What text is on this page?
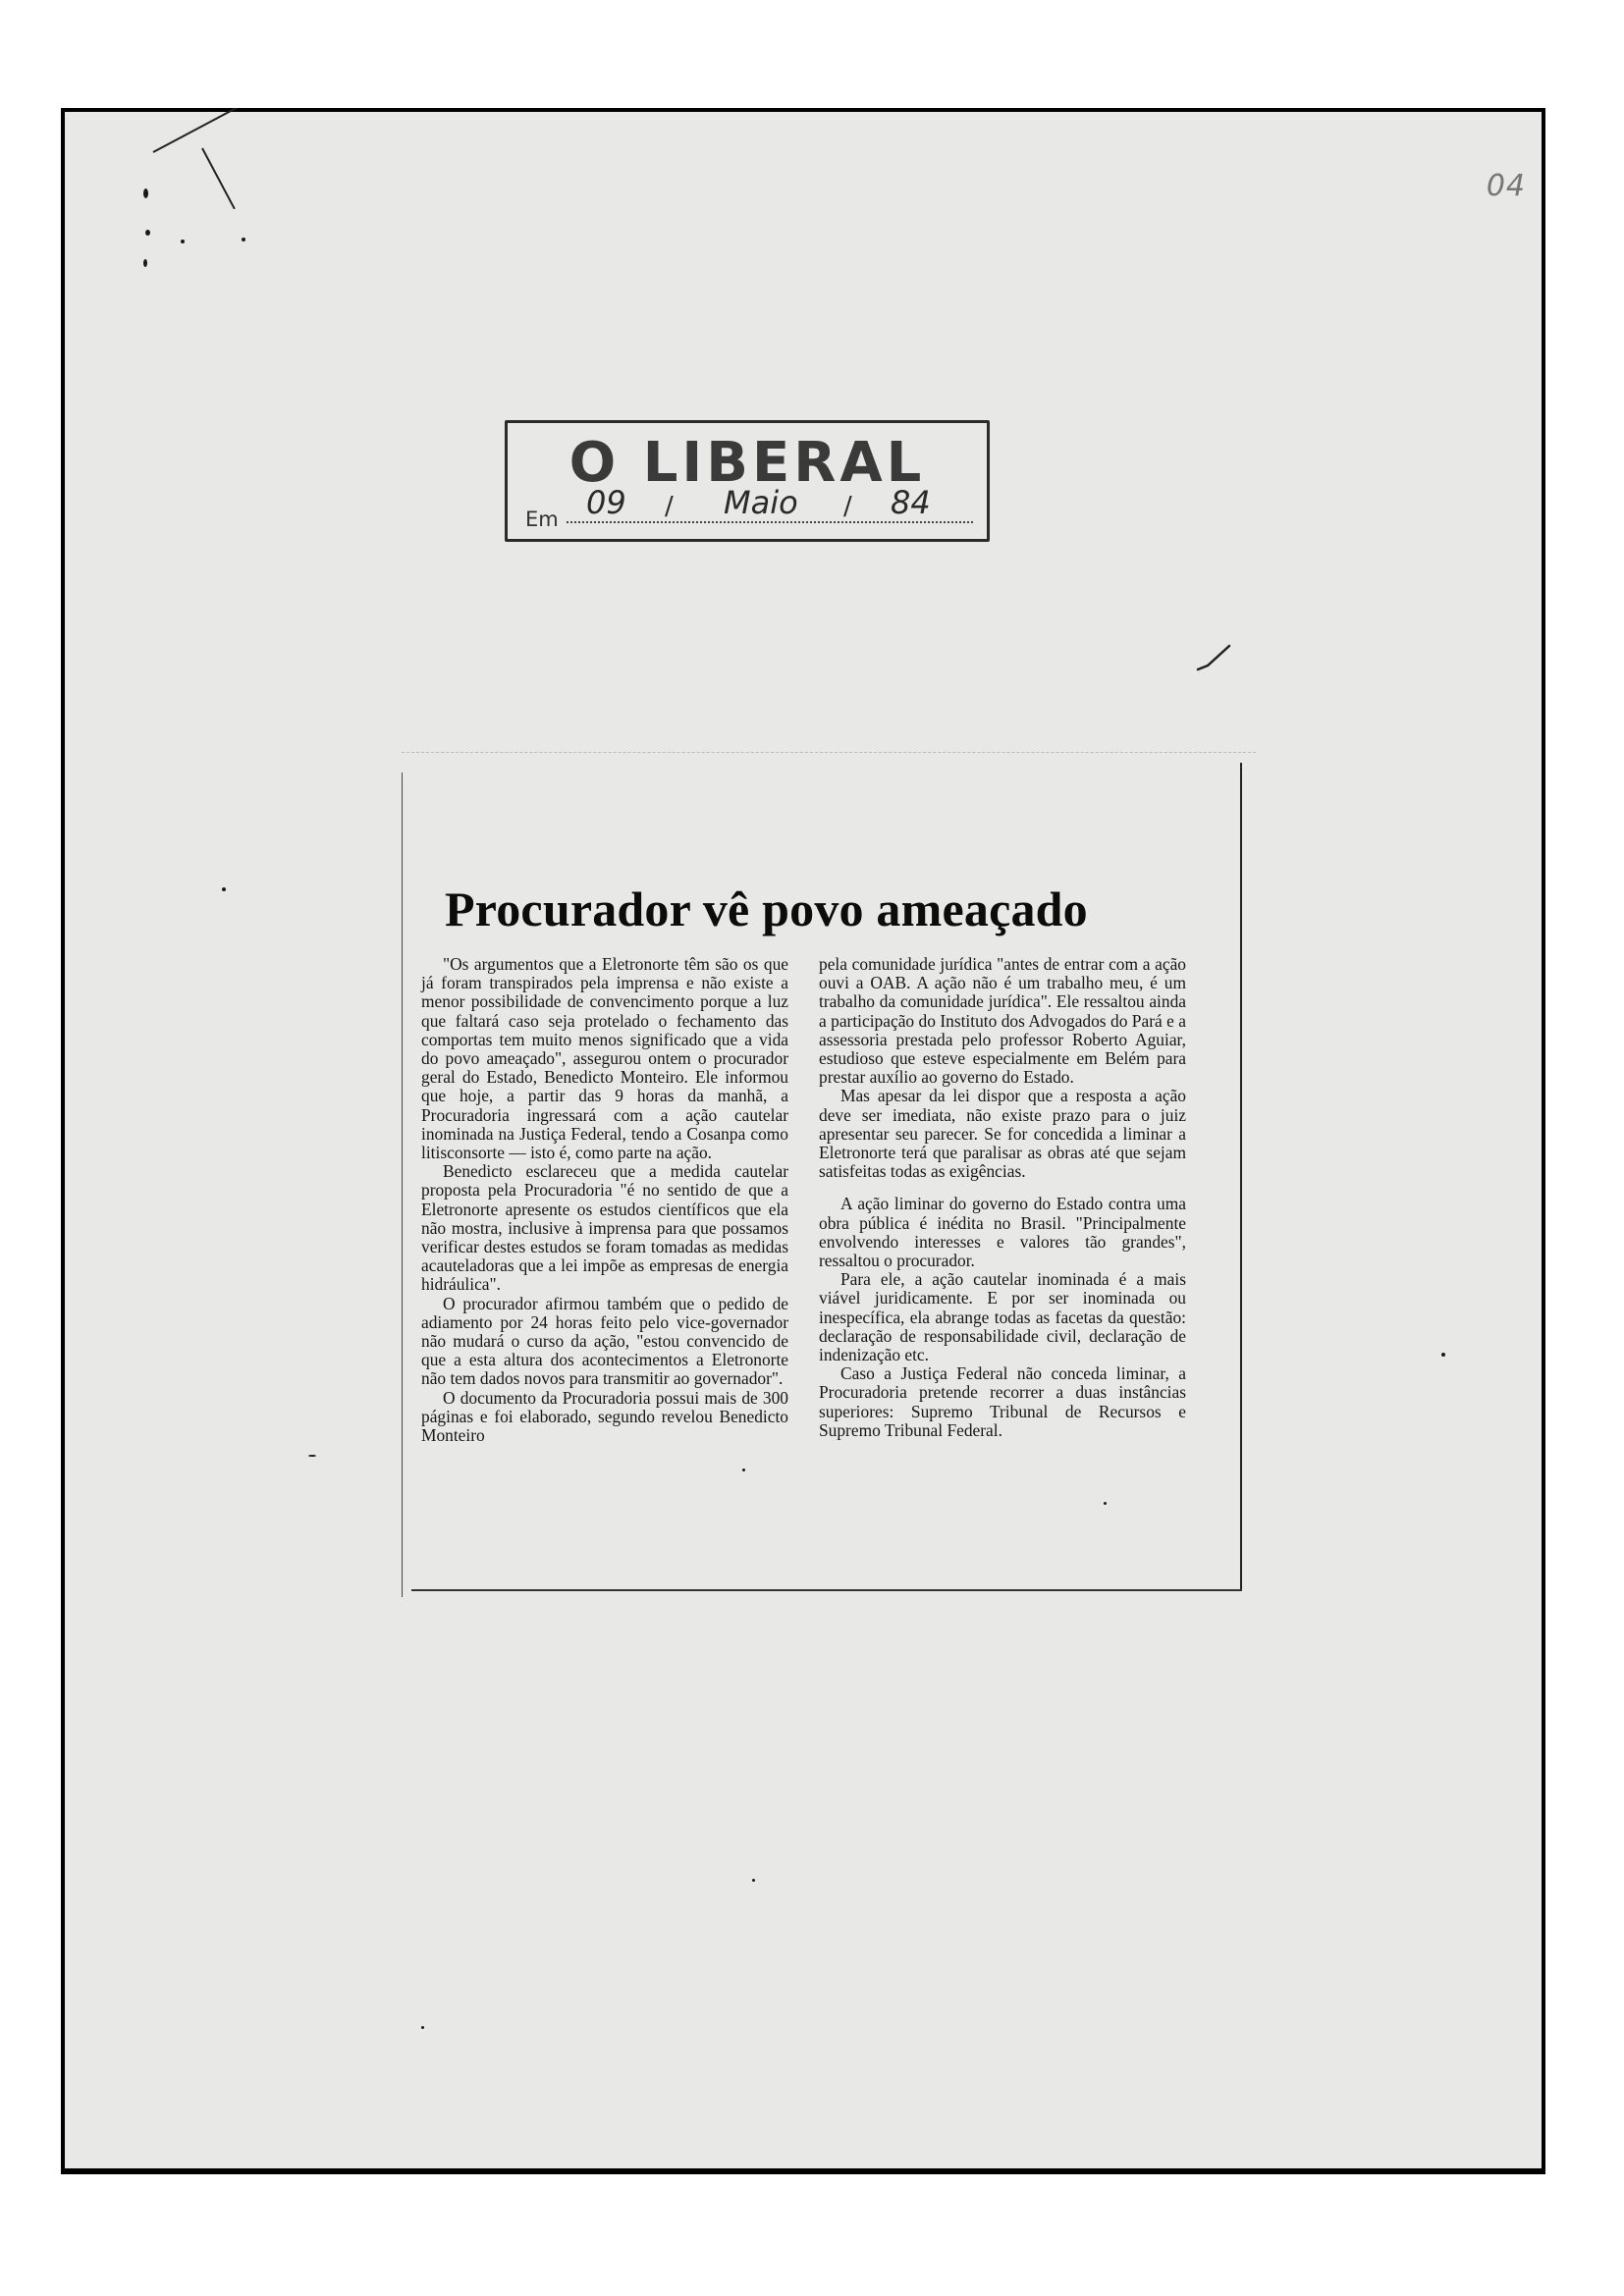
04
O LIBERAL
Em 09 / Maio / 84
Procurador vê povo ameaçado

"Os argumentos que a Eletronorte têm são os que já foram transpirados pela imprensa e não existe a menor possibilidade de convencimento porque a luz que faltará caso seja protelado o fechamento das comportas tem muito menos significado que a vida do povo ameaçado", assegurou ontem o procurador geral do Estado, Benedicto Monteiro. Ele informou que hoje, a partir das 9 horas da manhã, a Procuradoria ingressará com a ação cautelar inominada na Justiça Federal, tendo a Cosanpa como litisconsorte — isto é, como parte na ação.

Benedicto esclareceu que a medida cautelar proposta pela Procuradoria "é no sentido de que a Eletronorte apresente os estudos científicos que ela não mostra, inclusive à imprensa para que possamos verificar destes estudos se foram tomadas as medidas acauteladoras que a lei impõe as empresas de energia hidráulica".

O procurador afirmou também que o pedido de adiamento por 24 horas feito pelo vice-governador não mudará o curso da ação, "estou convencido de que a esta altura dos acontecimentos a Eletronorte não tem dados novos para transmitir ao governador".

O documento da Procuradoria possui mais de 300 páginas e foi elaborado, segundo revelou Benedicto Monteiro

pela comunidade jurídica "antes de entrar com a ação ouvi a OAB. A ação não é um trabalho meu, é um trabalho da comunidade jurídica". Ele ressaltou ainda a participação do Instituto dos Advogados do Pará e a assessoria prestada pelo professor Roberto Aguiar, estudioso que esteve especialmente em Belém para prestar auxílio ao governo do Estado.

Mas apesar da lei dispor que a resposta a ação deve ser imediata, não existe prazo para o juiz apresentar seu parecer. Se for concedida a liminar a Eletronorte terá que paralisar as obras até que sejam satisfeitas todas as exigências.

A ação liminar do governo do Estado contra uma obra pública é inédita no Brasil. "Principalmente envolvendo interesses e valores tão grandes", ressaltou o procurador.

Para ele, a ação cautelar inominada é a mais viável juridicamente. E por ser inominada ou inespecífica, ela abrange todas as facetas da questão: declaração de responsabilidade civil, declaração de indenização etc.

Caso a Justiça Federal não conceda liminar, a Procuradoria pretende recorrer a duas instâncias superiores: Supremo Tribunal de Recursos e Supremo Tribunal Federal.
